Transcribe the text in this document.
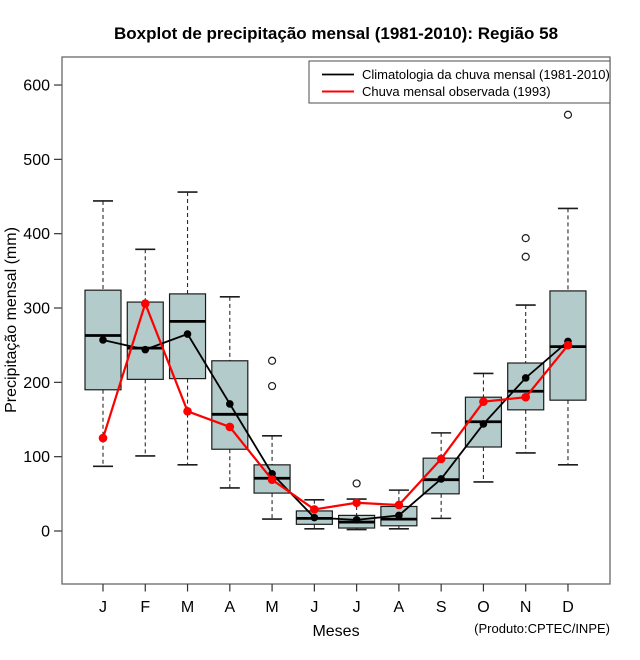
Boxplot de precipitação mensal (1981-2010): Região 58
0
100
200
300
400
500
600
J F M A M J J A S O N D
Climatologia da chuva mensal (1981-2010)
Chuva mensal observada (1993)
Precipitação mensal (mm)
Meses	(Produto:CPTEC/INPE)
